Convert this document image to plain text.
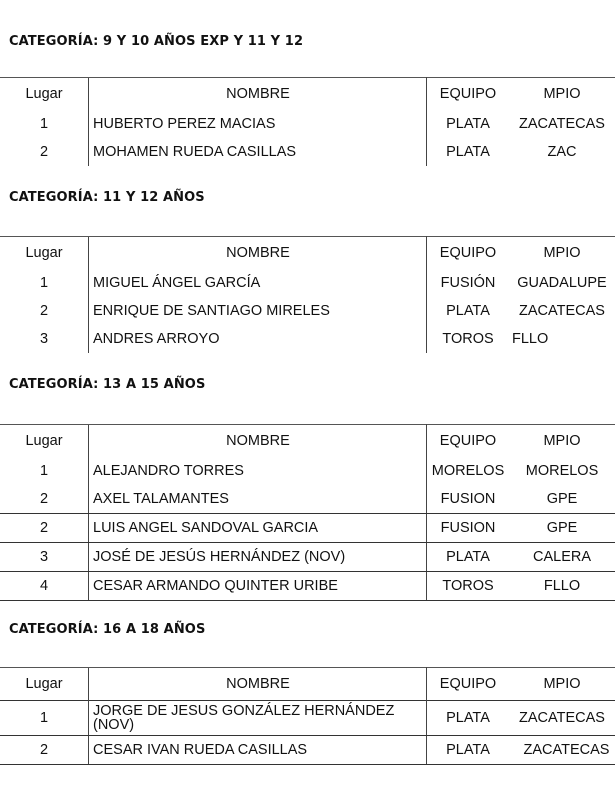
CATEGORÍA: 9 Y 10 AÑOS EXP Y 11 Y 12
Lugar	NOMBRE	EQUIPO	MPIO
1	HUBERTO PEREZ MACIAS	PLATA	ZACATECAS
2	MOHAMEN RUEDA CASILLAS	PLATA	ZAC
CATEGORÍA: 11 Y 12 AÑOS
Lugar	NOMBRE	EQUIPO	MPIO
1	MIGUEL ÁNGEL GARCÍA	FUSIÓN	GUADALUPE
2	ENRIQUE DE SANTIAGO MIRELES	PLATA	ZACATECAS
3	ANDRES ARROYO	TOROS	FLLO
CATEGORÍA: 13 A 15 AÑOS
Lugar	NOMBRE	EQUIPO	MPIO
1	ALEJANDRO TORRES	MORELOS	MORELOS
2	AXEL TALAMANTES	FUSION	GPE
2	LUIS ANGEL SANDOVAL GARCIA	FUSION	GPE
3	JOSÉ DE JESÚS HERNÁNDEZ (NOV)	PLATA	CALERA
4	CESAR ARMANDO QUINTER URIBE	TOROS	FLLO
CATEGORÍA: 16 A 18 AÑOS
Lugar	NOMBRE	EQUIPO	MPIO
1	JORGE DE JESUS GONZÁLEZ HERNÁNDEZ (NOV)	PLATA	ZACATECAS
2	CESAR IVAN RUEDA CASILLAS	PLATA	ZACATECAS
